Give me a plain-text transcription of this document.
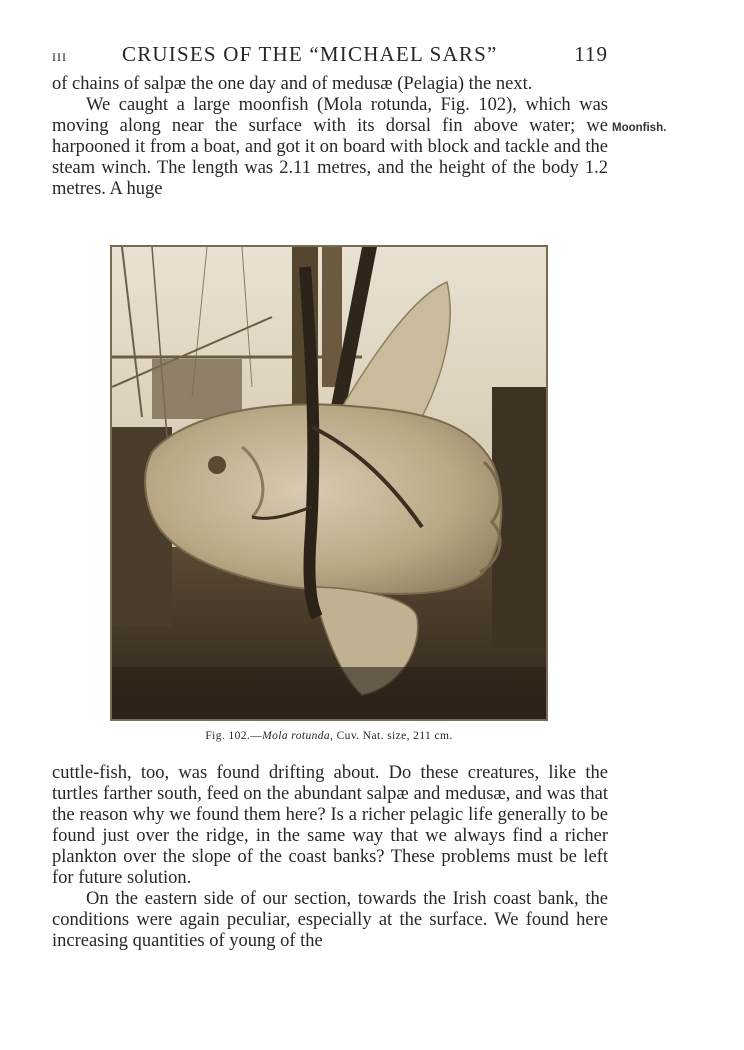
III	CRUISES OF THE “MICHAEL SARS”	119

of chains of salpæ the one day and of medusæ (Pelagia) the next.

We caught a large moonfish (Mola rotunda, Fig. 102), which was moving along near the surface with its dorsal fin above water; we harpooned it from a boat, and got it on board with block and tackle and the steam winch. The length was 2.11 metres, and the height of the body 1.2 metres. A huge

Moonfish.
Fig. 102.—Mola rotunda, Cuv. Nat. size, 211 cm.

cuttle-fish, too, was found drifting about. Do these creatures, like the turtles farther south, feed on the abundant salpæ and medusæ, and was that the reason why we found them here? Is a richer pelagic life generally to be found just over the ridge, in the same way that we always find a richer plankton over the slope of the coast banks? These problems must be left for future solution.

On the eastern side of our section, towards the Irish coast bank, the conditions were again peculiar, especially at the surface. We found here increasing quantities of young of the
